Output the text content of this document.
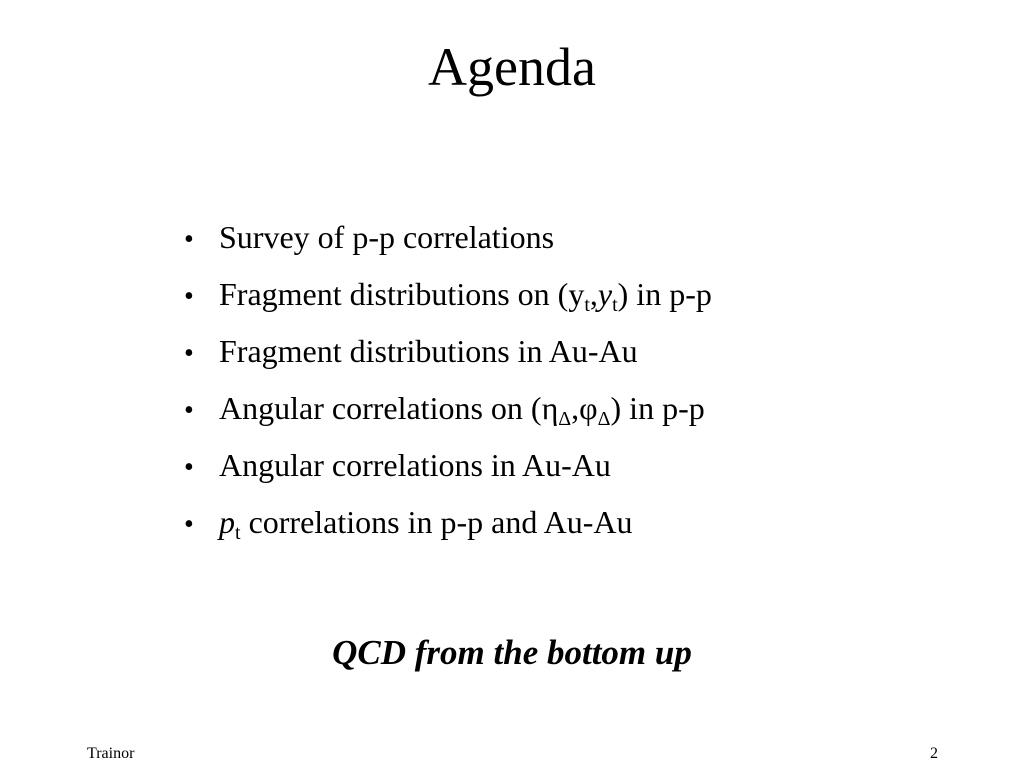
Agenda
• Survey of p-p correlations
• Fragment distributions on $(y_t,y_t)$ in p-p
• Fragment distributions in Au-Au
• Angular correlations on $(\eta_\Delta,\varphi_\Delta)$ in p-p
• Angular correlations in Au-Au
• $p_t$ correlations in p-p and Au-Au
QCD from the bottom up
Trainor	2
